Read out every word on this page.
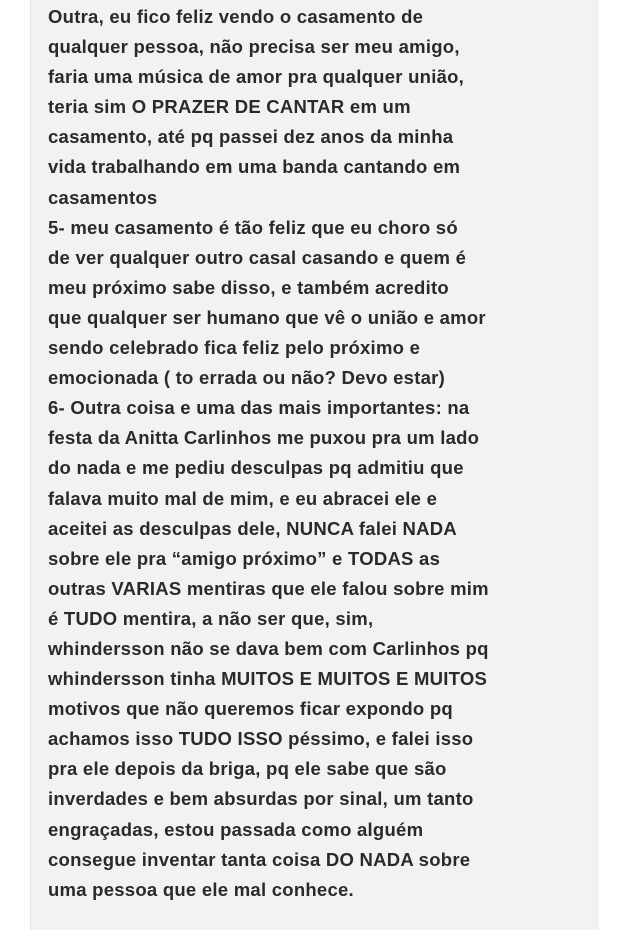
Outra, eu fico feliz vendo o casamento de
qualquer pessoa, não precisa ser meu amigo,
faria uma música de amor pra qualquer união,
teria sim O PRAZER DE CANTAR em um
casamento, até pq passei dez anos da minha
vida trabalhando em uma banda cantando em
casamentos
5- meu casamento é tão feliz que eu choro só
de ver qualquer outro casal casando e quem é
meu próximo sabe disso, e também acredito
que qualquer ser humano que vê o união e amor
sendo celebrado fica feliz pelo próximo e
emocionada ( to errada ou não? Devo estar)
6- Outra coisa e uma das mais importantes: na
festa da Anitta Carlinhos me puxou pra um lado
do nada e me pediu desculpas pq admitiu que
falava muito mal de mim, e eu abracei ele e
aceitei as desculpas dele, NUNCA falei NADA
sobre ele pra “amigo próximo” e TODAS as
outras VARIAS mentiras que ele falou sobre mim
é TUDO mentira, a não ser que, sim,
whindersson não se dava bem com Carlinhos pq
whindersson tinha MUITOS E MUITOS E MUITOS
motivos que não queremos ficar expondo pq
achamos isso TUDO ISSO péssimo, e falei isso
pra ele depois da briga, pq ele sabe que são
inverdades e bem absurdas por sinal, um tanto
engraçadas, estou passada como alguém
consegue inventar tanta coisa DO NADA sobre
uma pessoa que ele mal conhece.
